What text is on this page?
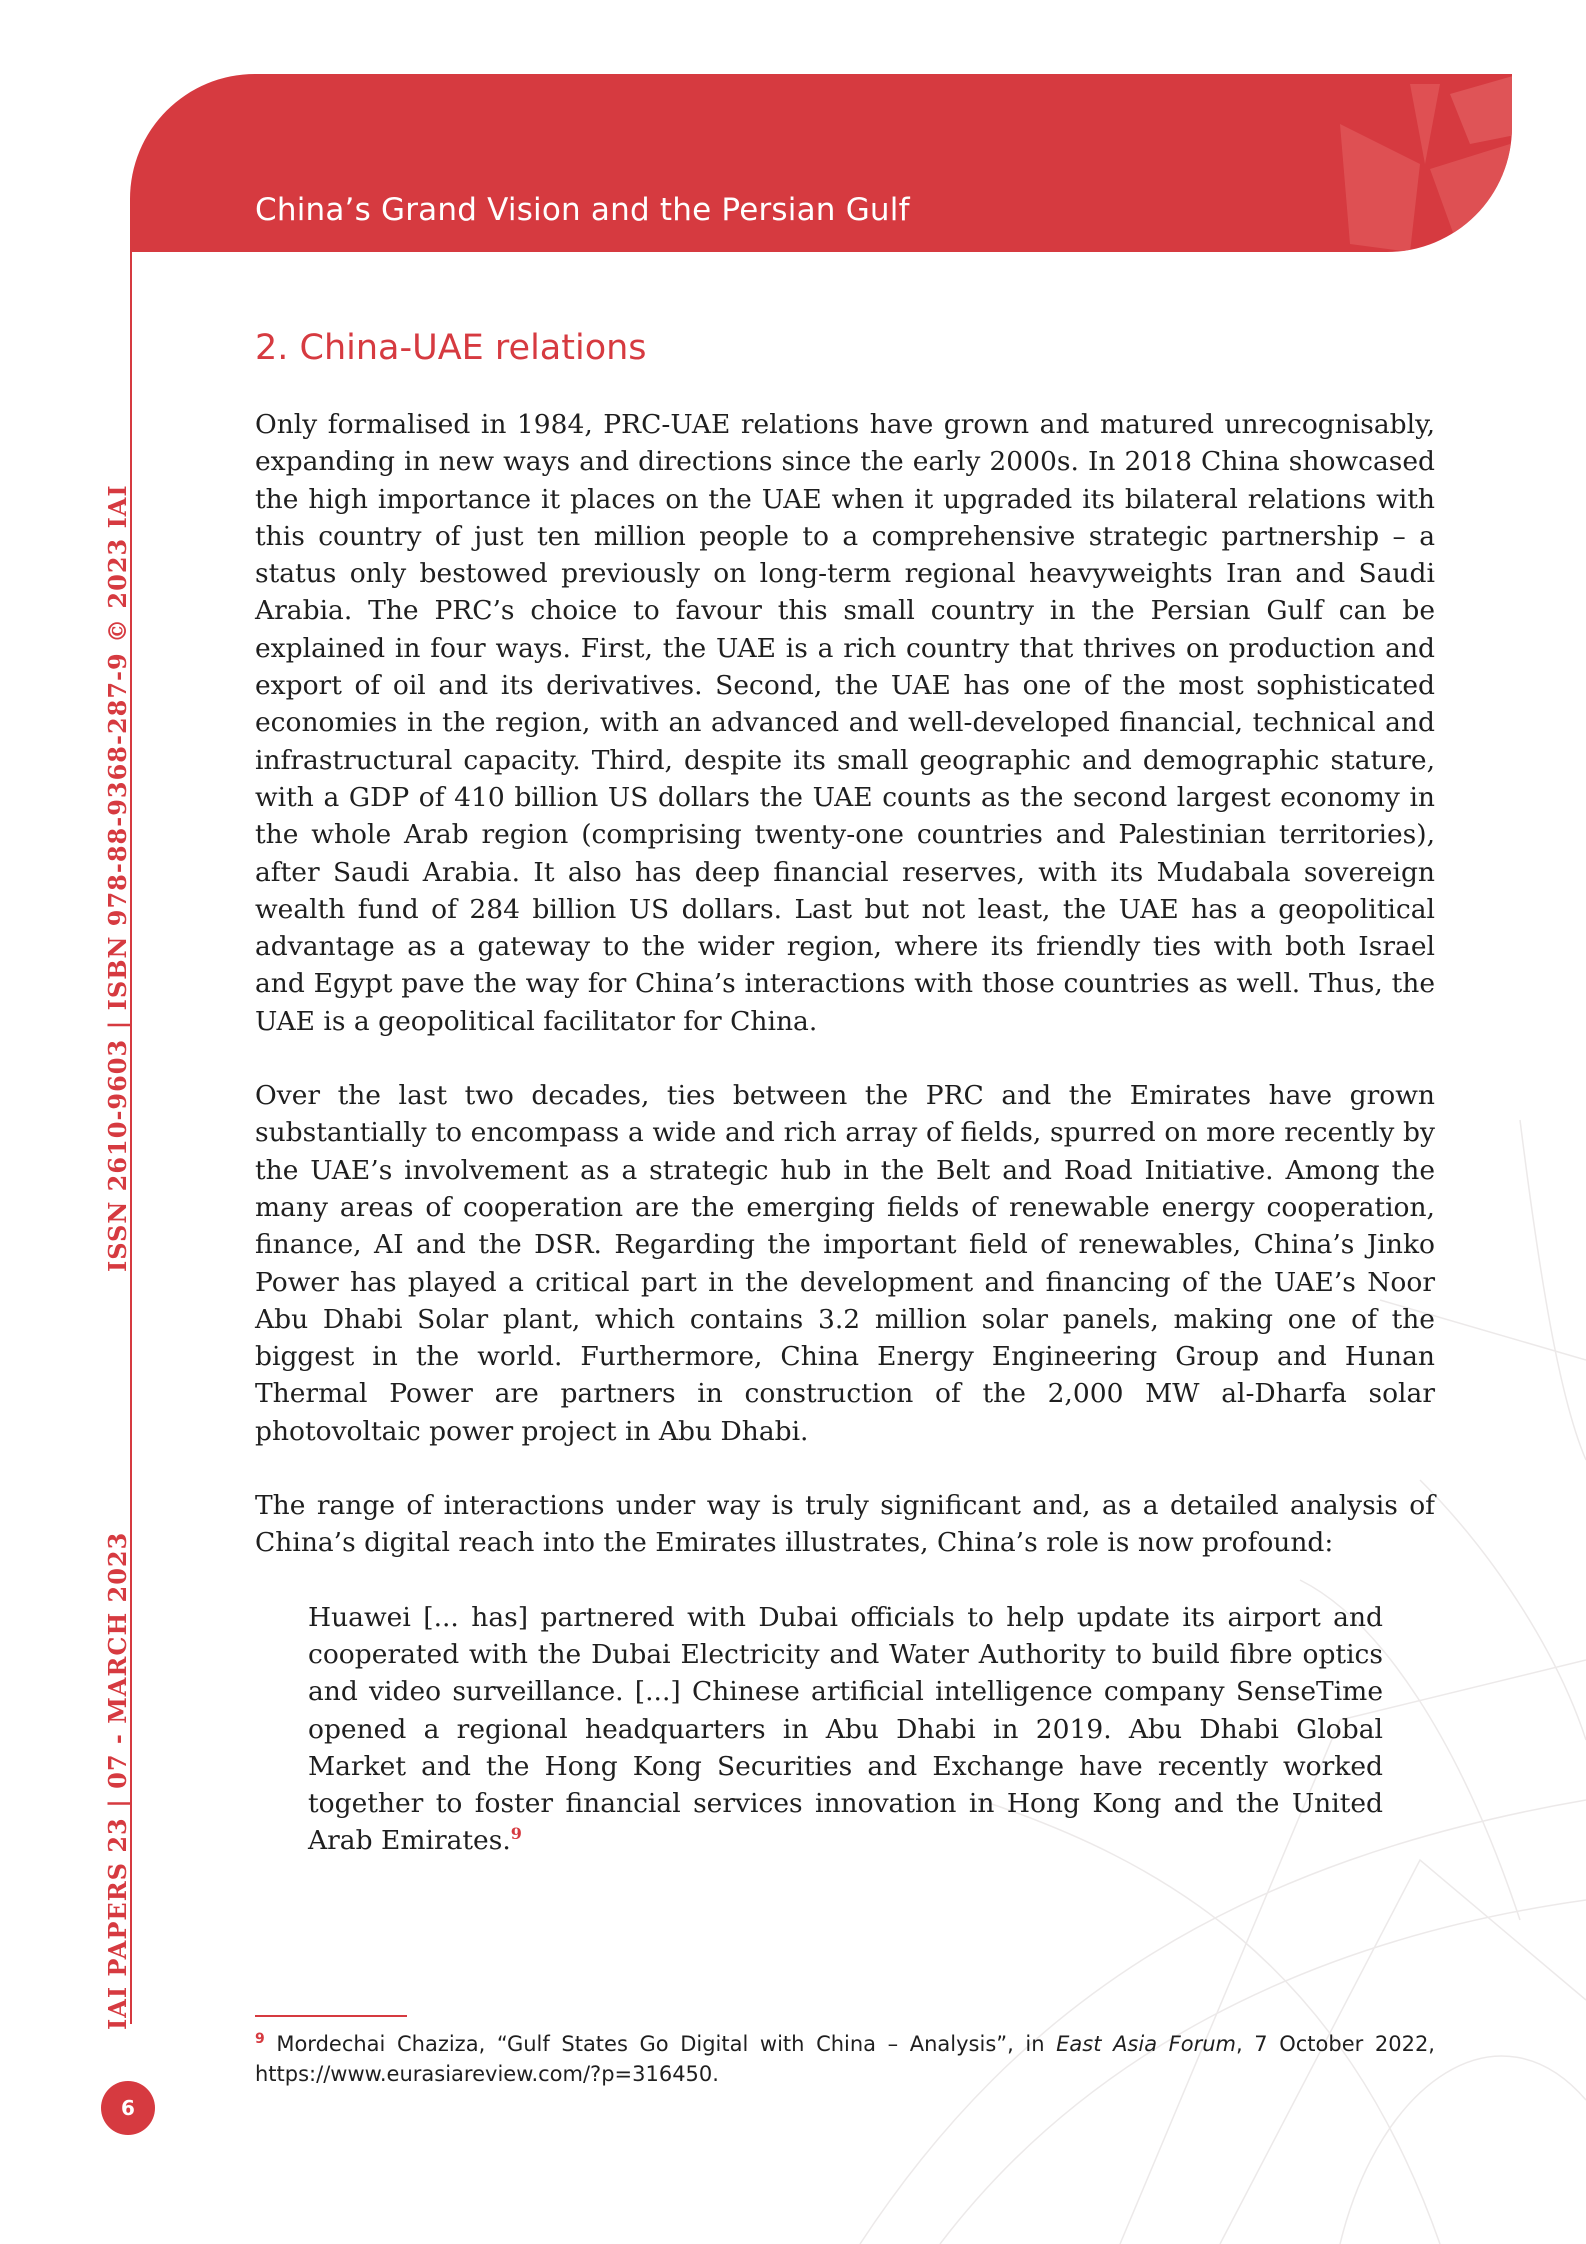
China’s Grand Vision and the Persian Gulf
ISSN 2610-9603 | ISBN 978-88-9368-287-9 © 2023 IAI
IAI PAPERS 23 | 07 - MARCH 2023
6
2. China-UAE relations

Only formalised in 1984, PRC-UAE relations have grown and matured unrecognisably, expanding in new ways and directions since the early 2000s. In 2018 China showcased the high importance it places on the UAE when it upgraded its bilateral relations with this country of just ten million people to a comprehensive strategic partnership – a status only bestowed previously on long-term regional heavyweights Iran and Saudi Arabia. The PRC’s choice to favour this small country in the Persian Gulf can be explained in four ways. First, the UAE is a rich country that thrives on production and export of oil and its derivatives. Second, the UAE has one of the most sophisticated economies in the region, with an advanced and well-developed financial, technical and infrastructural capacity. Third, despite its small geographic and demographic stature, with a GDP of 410 billion US dollars the UAE counts as the second largest economy in the whole Arab region (comprising twenty-one countries and Palestinian territories), after Saudi Arabia. It also has deep financial reserves, with its Mudabala sovereign wealth fund of 284 billion US dollars. Last but not least, the UAE has a geopolitical advantage as a gateway to the wider region, where its friendly ties with both Israel and Egypt pave the way for China’s interactions with those countries as well. Thus, the UAE is a geopolitical facilitator for China.

Over the last two decades, ties between the PRC and the Emirates have grown substantially to encompass a wide and rich array of fields, spurred on more recently by the UAE’s involvement as a strategic hub in the Belt and Road Initiative. Among the many areas of cooperation are the emerging fields of renewable energy cooperation, finance, AI and the DSR. Regarding the important field of renewables, China’s Jinko Power has played a critical part in the development and financing of the UAE’s Noor Abu Dhabi Solar plant, which contains 3.2 million solar panels, making one of the biggest in the world. Furthermore, China Energy Engineering Group and Hunan Thermal Power are partners in construction of the 2,000 MW al-Dharfa solar photovoltaic power project in Abu Dhabi.

The range of interactions under way is truly significant and, as a detailed analysis of China’s digital reach into the Emirates illustrates, China’s role is now profound:

Huawei [... has] partnered with Dubai officials to help update its airport and cooperated with the Dubai Electricity and Water Authority to build fibre optics and video surveillance. [...] Chinese artificial intelligence company SenseTime opened a regional headquarters in Abu Dhabi in 2019. Abu Dhabi Global Market and the Hong Kong Securities and Exchange have recently worked together to foster financial services innovation in Hong Kong and the United Arab Emirates.$^9$
$^9$ Mordechai Chaziza, “Gulf States Go Digital with China – Analysis”, in East Asia Forum, 7 October 2022, https://www.eurasiareview.com/?p=316450.
